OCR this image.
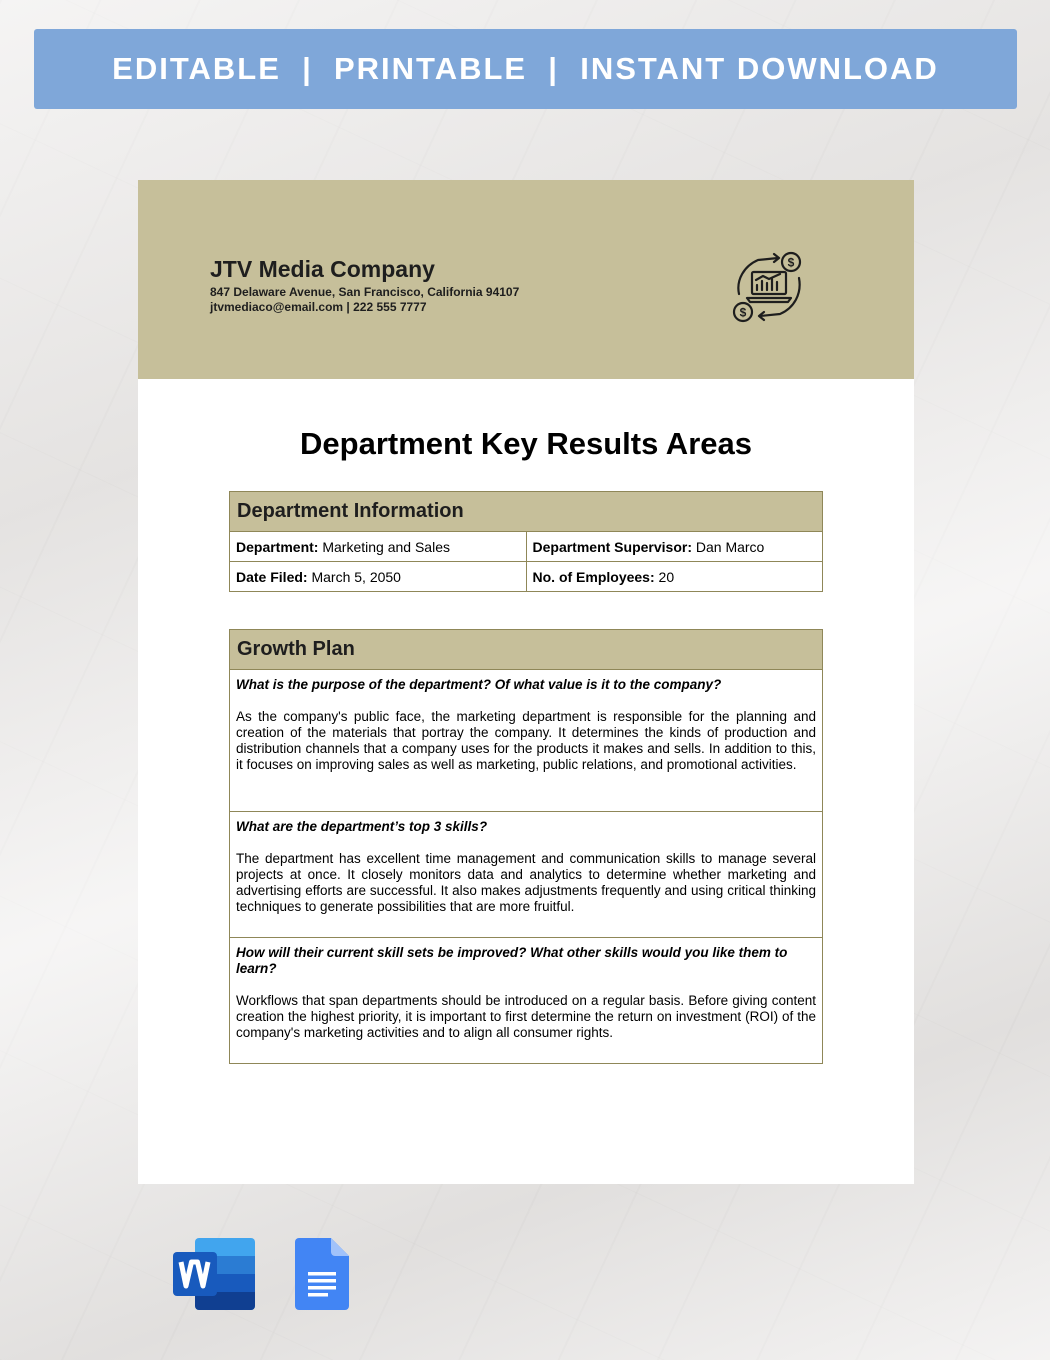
EDITABLE  |  PRINTABLE  |  INSTANT DOWNLOAD
JTV Media Company
847 Delaware Avenue, San Francisco, California 94107
jtvmediaco@email.com | 222 555 7777
$
$
Department Key Results Areas
Department Information	
Department: Marketing and Sales	Department Supervisor: Dan Marco
Date Filed: March 5, 2050	No. of Employees: 20
Growth Plan

What is the purpose of the department? Of what value is it to the company?
As the company's public face, the marketing department is responsible for the planning and creation of the materials that portray the company. It determines the kinds of production and distribution channels that a company uses for the products it makes and sells. In addition to this, it focuses on improving sales as well as marketing, public relations, and promotional activities.

What are the department’s top 3 skills?
The department has excellent time management and communication skills to manage several projects at once. It closely monitors data and analytics to determine whether marketing and advertising efforts are successful. It also makes adjustments frequently and using critical thinking techniques to generate possibilities that are more fruitful.

How will their current skill sets be improved? What other skills would you like them to learn?
Workflows that span departments should be introduced on a regular basis. Before giving content creation the highest priority, it is important to first determine the return on investment (ROI) of the company's marketing activities and to align all consumer rights.
